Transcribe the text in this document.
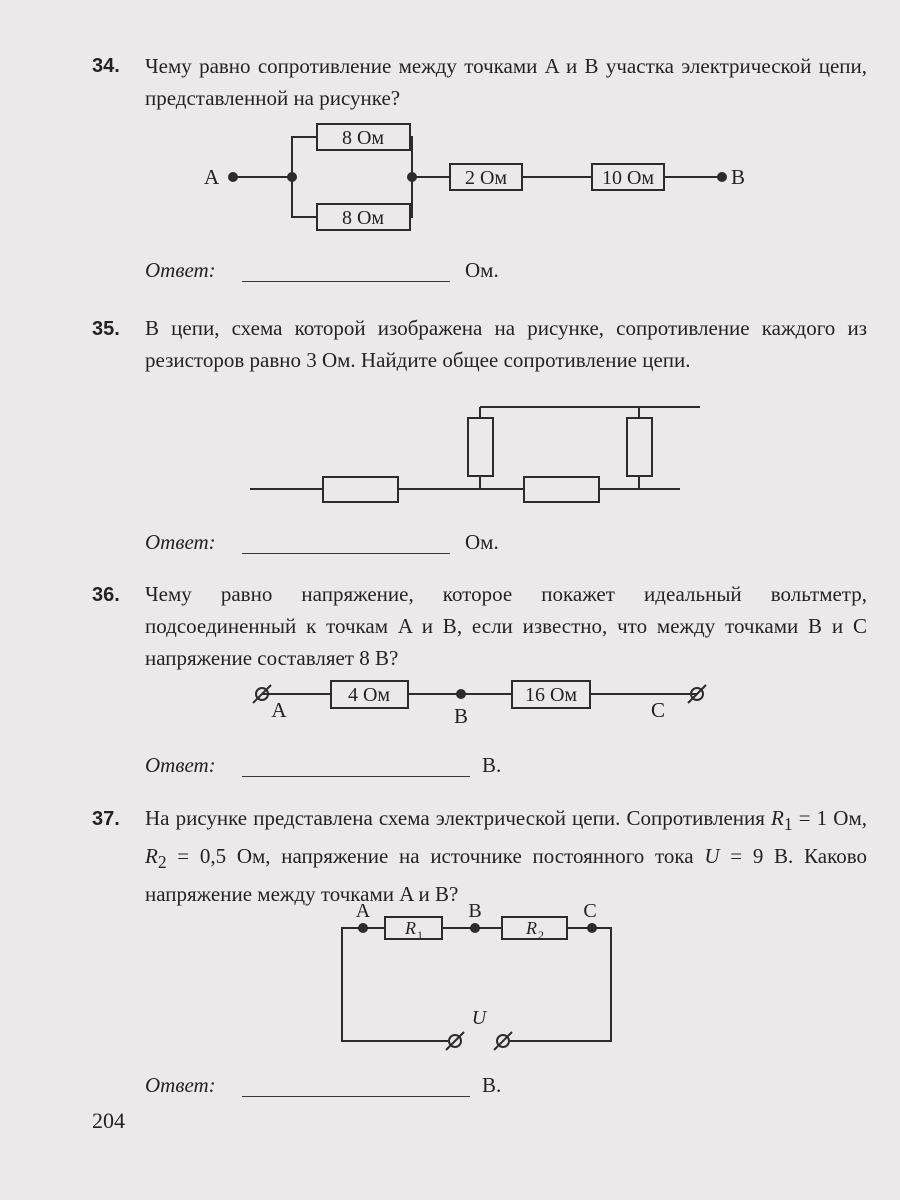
34. Чему равно сопротивление между точками A и B участка электрической цепи, представленной на рисунке?
8 Ом
8 Ом
2 Ом	10 Ом
A	B
Ответ:	Ом.
35. В цепи, схема которой изображена на рисунке, сопротивление каждого из резисторов равно 3 Ом. Найдите общее сопротивление цепи.
Ответ:	Ом.
36. Чему равно напряжение, которое покажет идеальный вольтметр, подсоединенный к точкам A и B, если известно, что между точками B и C напряжение составляет 8 В?
4 Ом	16 Ом
A	B	C
Ответ:	В.
37. На рисунке представлена схема электрической цепи. Сопротивления $R_1 = 1$ Ом, $R_2 = 0,5$ Ом, напряжение на источнике постоянного тока U = 9 В. Каково напряжение между точками A и B?
A	B	C
R 1	R 2
U
Ответ:	В.
204
